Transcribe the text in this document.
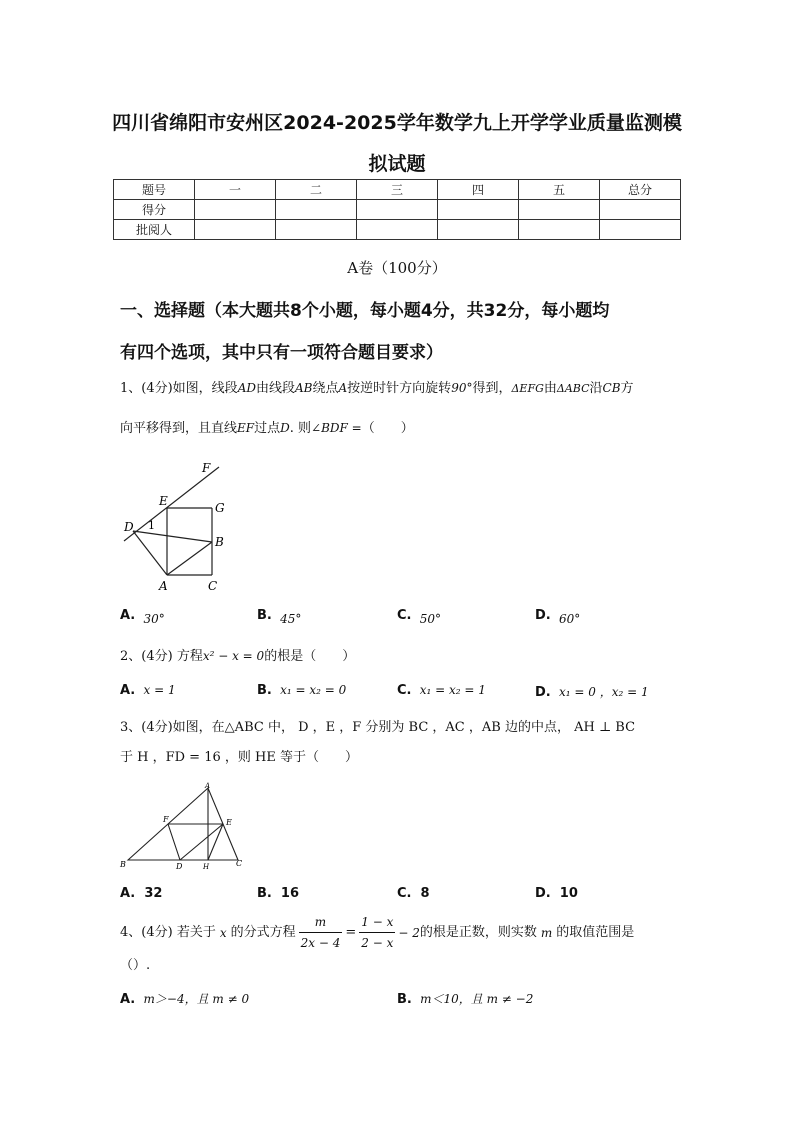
四川省绵阳市安州区2024-2025学年数学九上开学学业质量监测模
拟试题
题号	一	二	三	四	五	总分
得分						
批阅人						
A卷（100分）
一、选择题（本大题共8个小题，每小题4分，共32分，每小题均
有四个选项，其中只有一项符合题目要求）
1、(4分)如图，线段AD由线段AB绕点A按逆时针方向旋转90°得到，ΔEFG由ΔABC沿CB方
向平移得到，且直线EF过点D. 则∠BDF =（　　）
F
E	G
D 1
B
A	C
A. 30°	B. 45°	C. 50°	D. 60°
2、(4分) 方程x² − x = 0的根是（　　）
A. x = 1	B. x₁ = x₂ = 0	C. x₁ = x₂ = 1	D. x₁ = 0 ，x₂ = 1
3、(4分)如图，在△ABC 中， D ，E ，F 分别为 BC ，AC ，AB 边的中点， AH ⊥ BC
于 H ，FD = 16 ，则 HE 等于（　　）
A
F	E
B	D	H	C
A. 32	B. 16	C. 8	D. 10
4、(4分) 若关于 x 的分式方程 $\frac{m}{2x - 4} = \frac{1 - x}{2 - x} - 2$ 的根是正数，则实数 m 的取值范围是
（）.
A. m＞−4，且 m ≠ 0	B. m＜10，且 m ≠ −2
